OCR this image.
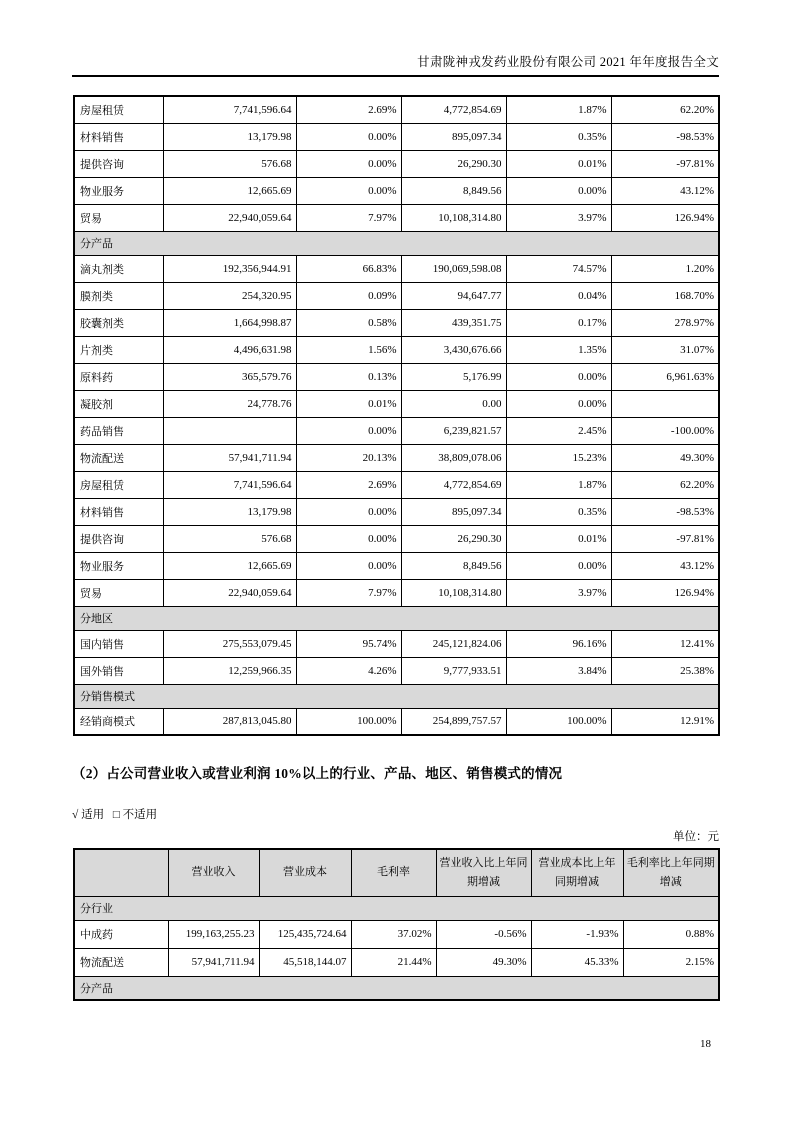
甘肃陇神戎发药业股份有限公司 2021 年年度报告全文
房屋租赁	7,741,596.64	2.69%	4,772,854.69	1.87%	62.20%
材料销售	13,179.98	0.00%	895,097.34	0.35%	-98.53%
提供咨询	576.68	0.00%	26,290.30	0.01%	-97.81%
物业服务	12,665.69	0.00%	8,849.56	0.00%	43.12%
贸易	22,940,059.64	7.97%	10,108,314.80	3.97%	126.94%
分产品					
滴丸剂类	192,356,944.91	66.83%	190,069,598.08	74.57%	1.20%
膜剂类	254,320.95	0.09%	94,647.77	0.04%	168.70%
胶囊剂类	1,664,998.87	0.58%	439,351.75	0.17%	278.97%
片剂类	4,496,631.98	1.56%	3,430,676.66	1.35%	31.07%
原料药	365,579.76	0.13%	5,176.99	0.00%	6,961.63%
凝胶剂	24,778.76	0.01%	0.00	0.00%	
药品销售		0.00%	6,239,821.57	2.45%	-100.00%
物流配送	57,941,711.94	20.13%	38,809,078.06	15.23%	49.30%
房屋租赁	7,741,596.64	2.69%	4,772,854.69	1.87%	62.20%
材料销售	13,179.98	0.00%	895,097.34	0.35%	-98.53%
提供咨询	576.68	0.00%	26,290.30	0.01%	-97.81%
物业服务	12,665.69	0.00%	8,849.56	0.00%	43.12%
贸易	22,940,059.64	7.97%	10,108,314.80	3.97%	126.94%
分地区					
国内销售	275,553,079.45	95.74%	245,121,824.06	96.16%	12.41%
国外销售	12,259,966.35	4.26%	9,777,933.51	3.84%	25.38%
分销售模式					
经销商模式	287,813,045.80	100.00%	254,899,757.57	100.00%	12.91%
（2）占公司营业收入或营业利润 10%以上的行业、产品、地区、销售模式的情况
√ 适用 □ 不适用
单位：元
	营业收入	营业成本	毛利率	营业收入比上年同期增减	营业成本比上年同期增减	毛利率比上年同期增减
分行业						
中成药	199,163,255.23	125,435,724.64	37.02%	-0.56%	-1.93%	0.88%
物流配送	57,941,711.94	45,518,144.07	21.44%	49.30%	45.33%	2.15%
分产品						
18
